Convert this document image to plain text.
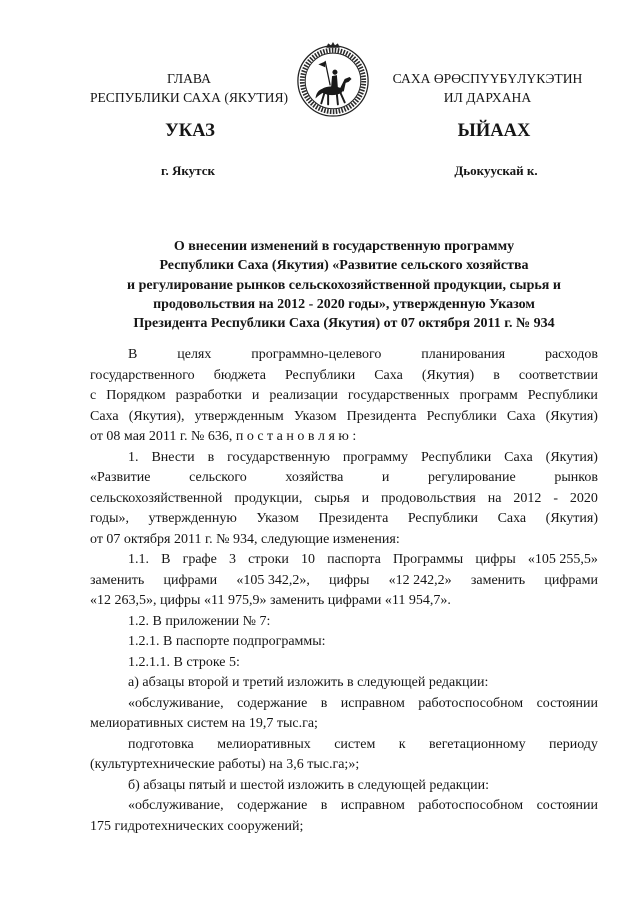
ГЛАВА
РЕСПУБЛИКИ САХА (ЯКУТИЯ)
САХА ӨРӨСПҮҮБҮЛҮКЭТИН
ИЛ ДАРХАНА
УКАЗ	ЫЙААХ
г. Якутск	Дьокуускай к.
О внесении изменений в государственную программу
Республики Саха (Якутия) «Развитие сельского хозяйства
и регулирование рынков сельскохозяйственной продукции, сырья и
продовольствия на 2012 - 2020 годы», утвержденную Указом
Президента Республики Саха (Якутия) от 07 октября 2011 г. № 934
В	целях	программно-целевого	планирования	расходов
государственного бюджета Республики Саха (Якутия) в соответствии
с Порядком разработки и реализации государственных программ Республики
Саха (Якутия), утвержденным Указом Президента Республики Саха (Якутия)
от 08 мая 2011 г. № 636, п о с т а н о в л я ю :
1. Внести в государственную программу Республики Саха (Якутия)
«Развитие	сельского	хозяйства	и	регулирование	рынков
сельскохозяйственной продукции, сырья и продовольствия на 2012 - 2020
годы», утвержденную Указом Президента Республики Саха (Якутия)
от 07 октября 2011 г. № 934, следующие изменения:
1.1. В графе 3 строки 10 паспорта Программы цифры «105 255,5»
заменить цифрами «105 342,2», цифры «12 242,2» заменить цифрами
«12 263,5», цифры «11 975,9» заменить цифрами «11 954,7».
1.2. В приложении № 7:
1.2.1. В паспорте подпрограммы:
1.2.1.1. В строке 5:
а) абзацы второй и третий изложить в следующей редакции:
«обслуживание, содержание в исправном работоспособном состоянии
мелиоративных систем на 19,7 тыс.га;
подготовка мелиоративных систем к вегетационному периоду
(культуртехнические работы) на 3,6 тыс.га;»;
б) абзацы пятый и шестой изложить в следующей редакции:
«обслуживание, содержание в исправном работоспособном состоянии
175 гидротехнических сооружений;
